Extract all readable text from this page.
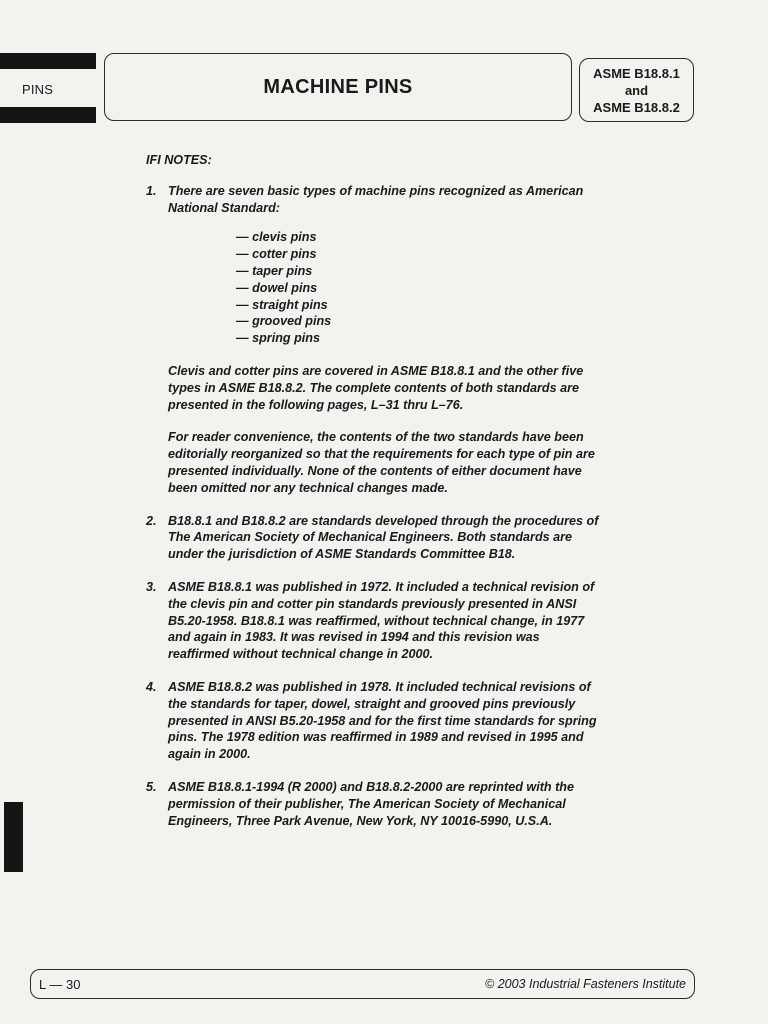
PINS	MACHINE PINS
ASME B18.8.1
and
ASME B18.8.2
IFI NOTES:
1. There are seven basic types of machine pins recognized as American National Standard:
— clevis pins
— cotter pins
— taper pins
— dowel pins
— straight pins
— grooved pins
— spring pins

Clevis and cotter pins are covered in ASME B18.8.1 and the other five types in ASME B18.8.2. The complete contents of both standards are presented in the following pages, L–31 thru L–76.

For reader convenience, the contents of the two standards have been editorially reorganized so that the requirements for each type of pin are presented individually. None of the contents of either document have been omitted nor any technical changes made.

2. B18.8.1 and B18.8.2 are standards developed through the procedures of The American Society of Mechanical Engineers. Both standards are under the jurisdiction of ASME Standards Committee B18.

3. ASME B18.8.1 was published in 1972. It included a technical revision of the clevis pin and cotter pin standards previously presented in ANSI B5.20-1958. B18.8.1 was reaffirmed, without technical change, in 1977 and again in 1983. It was revised in 1994 and this revision was reaffirmed without technical change in 2000.

4. ASME B18.8.2 was published in 1978. It included technical revisions of the standards for taper, dowel, straight and grooved pins previously presented in ANSI B5.20-1958 and for the first time standards for spring pins. The 1978 edition was reaffirmed in 1989 and revised in 1995 and again in 2000.

5. ASME B18.8.1-1994 (R 2000) and B18.8.2-2000 are reprinted with the permission of their publisher, The American Society of Mechanical Engineers, Three Park Avenue, New York, NY 10016-5990, U.S.A.

L — 30	© 2003 Industrial Fasteners Institute
